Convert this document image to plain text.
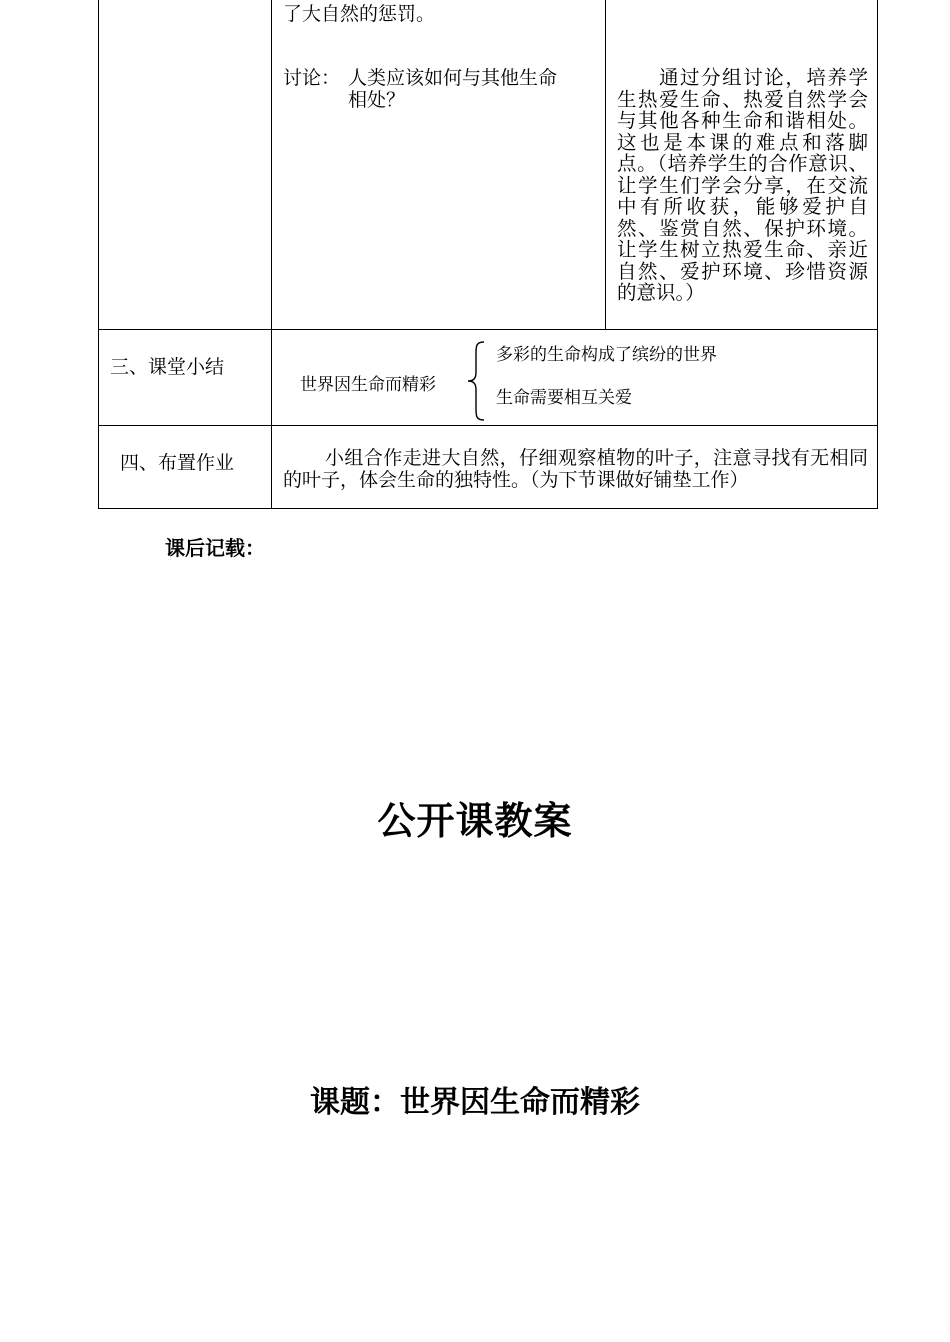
了大自然的惩罚。
讨论： 人类应该如何与其他生命
相处？
通过分组讨论，培养学生热爱生命、热爱自然学会与其他各种生命和谐相处。这也是本课的难点和落脚点。（培养学生的合作意识、让学生们学会分享，在交流中有所收获，能够爱护自然、鉴赏自然、保护环境。让学生树立热爱生命、亲近自然、爱护环境、珍惜资源的意识。）
三、课堂小结
世界因生命而精彩
多彩的生命构成了缤纷的世界
生命需要相互关爱
四、布置作业	小组合作走进大自然，仔细观察植物的叶子，注意寻找有无相同的叶子，体会生命的独特性。（为下节课做好铺垫工作）
课后记载：
公开课教案
课题：世界因生命而精彩
